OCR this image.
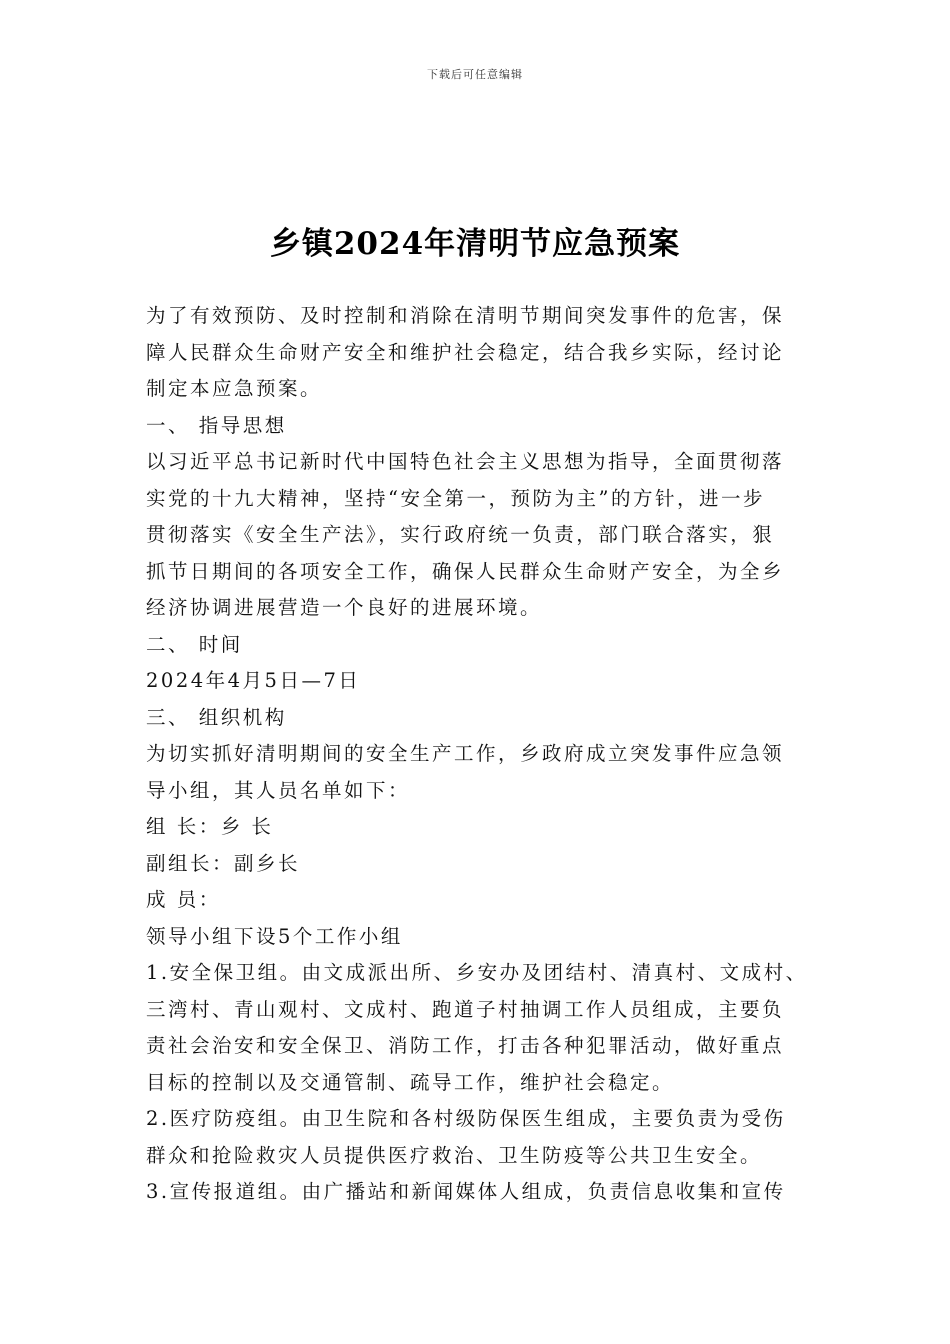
下载后可任意编辑
乡镇2024年清明节应急预案
为了有效预防、及时控制和消除在清明节期间突发事件的危害，保
障人民群众生命财产安全和维护社会稳定，结合我乡实际，经讨论
制定本应急预案。
一、 指导思想
以习近平总书记新时代中国特色社会主义思想为指导，全面贯彻落
实党的十九大精神，坚持“安全第一，预防为主”的方针，进一步
贯彻落实《安全生产法》，实行政府统一负责，部门联合落实，狠
抓节日期间的各项安全工作，确保人民群众生命财产安全，为全乡
经济协调进展营造一个良好的进展环境。
二、 时间
2024年4月5日—7日
三、 组织机构
为切实抓好清明期间的安全生产工作，乡政府成立突发事件应急领
导小组，其人员名单如下：
组 长：乡 长
副组长：副乡长
成 员：
领导小组下设5个工作小组
1.安全保卫组。由文成派出所、乡安办及团结村、清真村、文成村、
三湾村、青山观村、文成村、跑道子村抽调工作人员组成，主要负
责社会治安和安全保卫、消防工作，打击各种犯罪活动，做好重点
目标的控制以及交通管制、疏导工作，维护社会稳定。
2.医疗防疫组。由卫生院和各村级防保医生组成，主要负责为受伤
群众和抢险救灾人员提供医疗救治、卫生防疫等公共卫生安全。
3.宣传报道组。由广播站和新闻媒体人组成，负责信息收集和宣传
